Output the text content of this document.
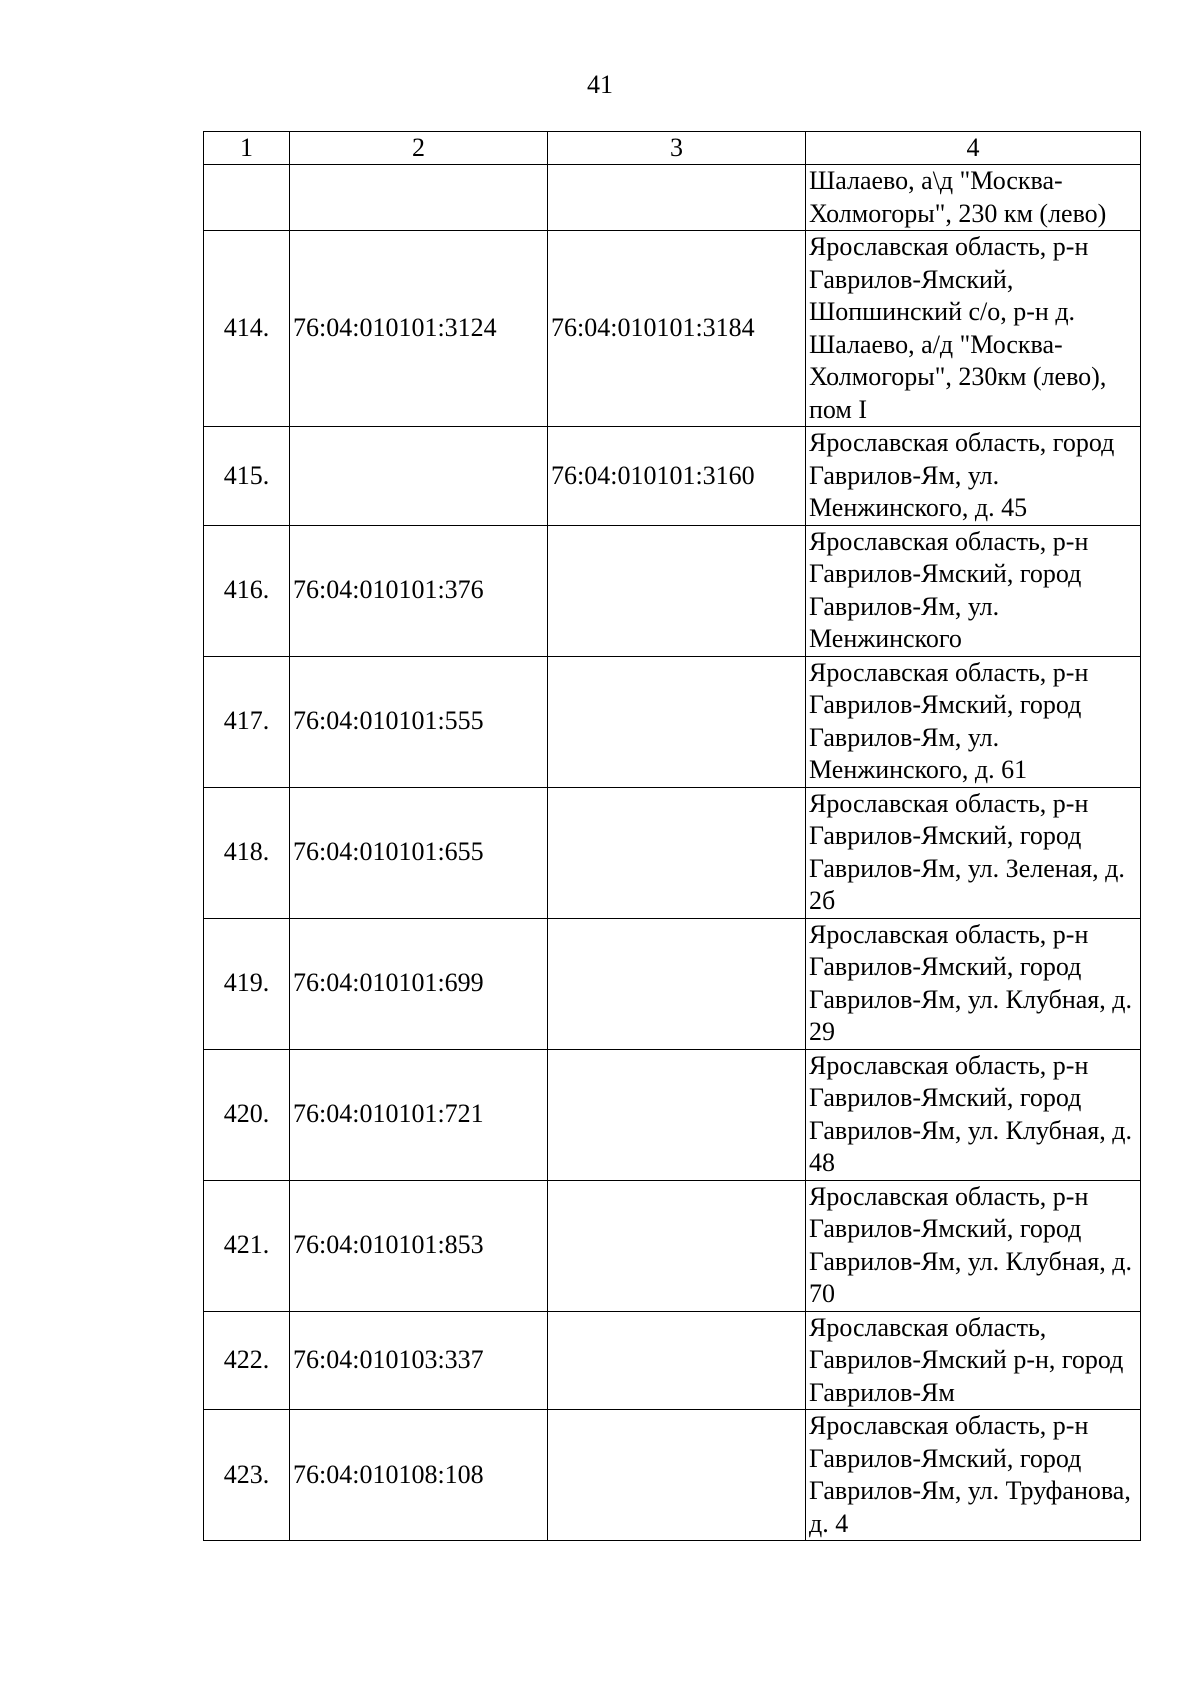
41
1	2	3	4
			Шалаево, а\д "Москва-Холмогоры", 230 км (лево)
414.	76:04:010101:3124	76:04:010101:3184	Ярославская область, р-н Гаврилов-Ямский, Шопшинский с/о, р-н д. Шалаево, а/д "Москва-Холмогоры", 230км (лево), пом I
415.		76:04:010101:3160	Ярославская область, город Гаврилов-Ям, ул. Менжинского, д. 45
416.	76:04:010101:376		Ярославская область, р-н Гаврилов-Ямский, город Гаврилов-Ям, ул. Менжинского
417.	76:04:010101:555		Ярославская область, р-н Гаврилов-Ямский, город Гаврилов-Ям, ул. Менжинского, д. 61
418.	76:04:010101:655		Ярославская область, р-н Гаврилов-Ямский, город Гаврилов-Ям, ул. Зеленая, д. 2б
419.	76:04:010101:699		Ярославская область, р-н Гаврилов-Ямский, город Гаврилов-Ям, ул. Клубная, д. 29
420.	76:04:010101:721		Ярославская область, р-н Гаврилов-Ямский, город Гаврилов-Ям, ул. Клубная, д. 48
421.	76:04:010101:853		Ярославская область, р-н Гаврилов-Ямский, город Гаврилов-Ям, ул. Клубная, д. 70
422.	76:04:010103:337		Ярославская область, Гаврилов-Ямский р-н, город Гаврилов-Ям
423.	76:04:010108:108		Ярославская область, р-н Гаврилов-Ямский, город Гаврилов-Ям, ул. Труфанова, д. 4
